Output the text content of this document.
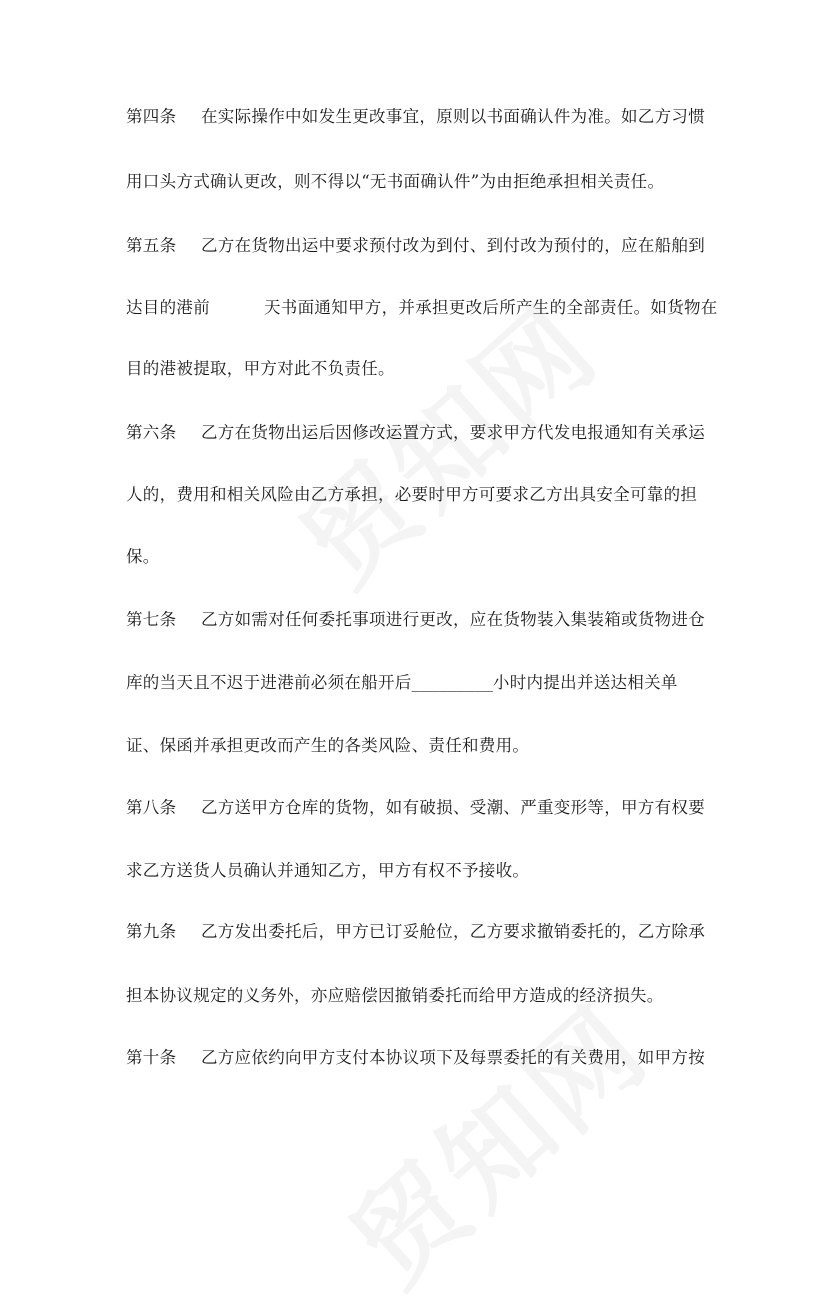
第四条 在实际操作中如发生更改事宜，原则以书面确认件为准。如乙方习惯
用口头方式确认更改，则不得以“无书面确认件”为由拒绝承担相关责任。
第五条 乙方在货物出运中要求预付改为到付、到付改为预付的，应在船舶到
达目的港前	天书面通知甲方，并承担更改后所产生的全部责任。如货物在
目的港被提取，甲方对此不负责任。
第六条 乙方在货物出运后因修改运置方式，要求甲方代发电报通知有关承运
人的，费用和相关风险由乙方承担，必要时甲方可要求乙方出具安全可靠的担
保。
第七条 乙方如需对任何委托事项进行更改，应在货物装入集装箱或货物进仓
库的当天且不迟于进港前必须在船开后_________小时内提出并送达相关单
证、保函并承担更改而产生的各类风险、责任和费用。
第八条 乙方送甲方仓库的货物，如有破损、受潮、严重变形等，甲方有权要
求乙方送货人员确认并通知乙方，甲方有权不予接收。
第九条 乙方发出委托后，甲方已订妥舱位，乙方要求撤销委托的，乙方除承
担本协议规定的义务外，亦应赔偿因撤销委托而给甲方造成的经济损失。
第十条 乙方应依约向甲方支付本协议项下及每票委托的有关费用，如甲方按
